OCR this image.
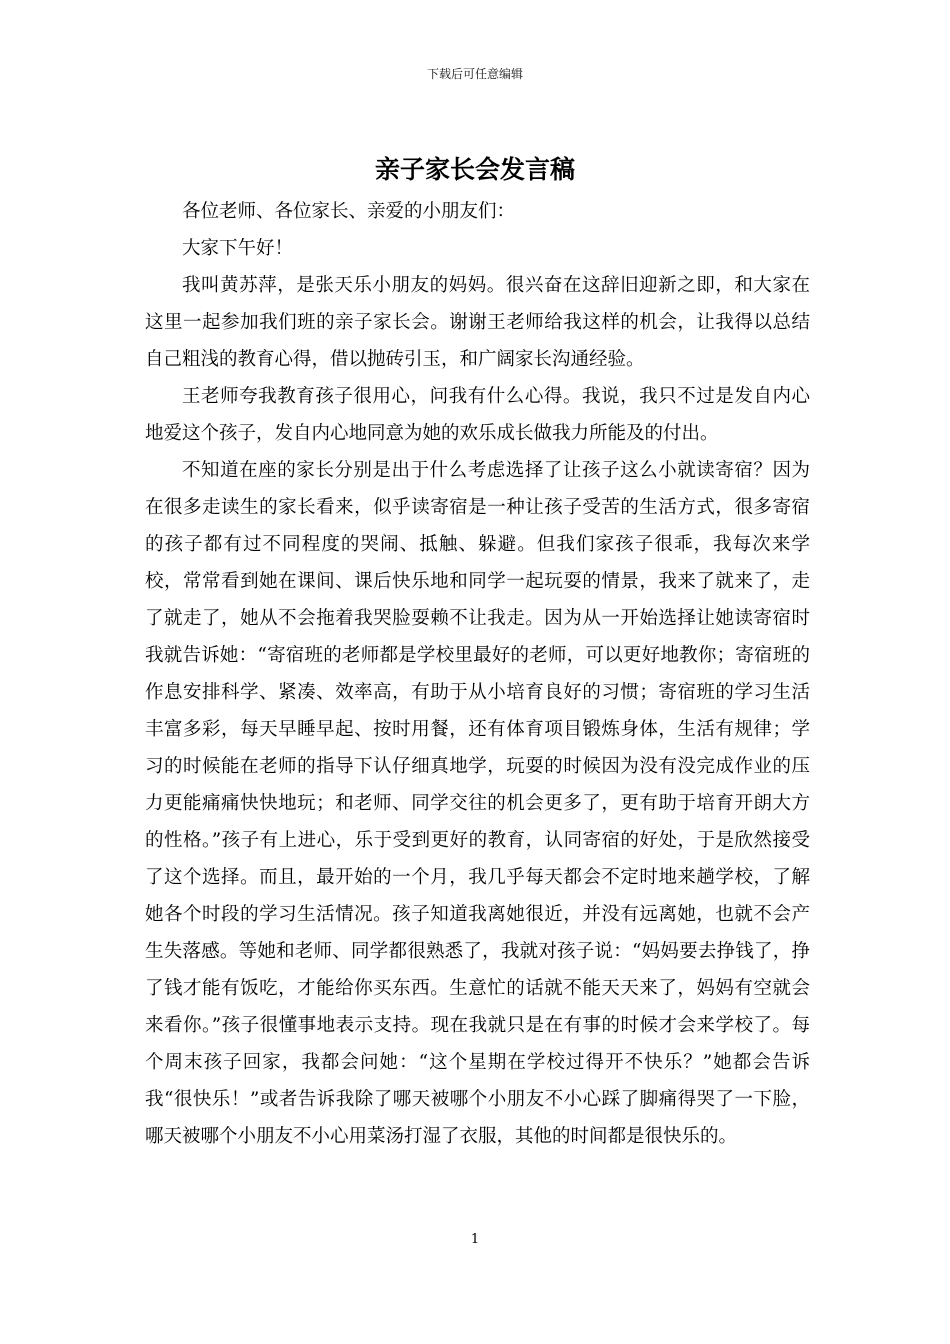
下载后可任意编辑
亲子家长会发言稿

各位老师、各位家长、亲爱的小朋友们：

大家下午好！

我叫黄苏萍，是张天乐小朋友的妈妈。很兴奋在这辞旧迎新之即，和大家在这里一起参加我们班的亲子家长会。谢谢王老师给我这样的机会，让我得以总结自己粗浅的教育心得，借以抛砖引玉，和广阔家长沟通经验。

王老师夸我教育孩子很用心，问我有什么心得。我说，我只不过是发自内心地爱这个孩子，发自内心地同意为她的欢乐成长做我力所能及的付出。

不知道在座的家长分别是出于什么考虑选择了让孩子这么小就读寄宿？因为在很多走读生的家长看来，似乎读寄宿是一种让孩子受苦的生活方式，很多寄宿的孩子都有过不同程度的哭闹、抵触、躲避。但我们家孩子很乖，我每次来学校，常常看到她在课间、课后快乐地和同学一起玩耍的情景，我来了就来了，走了就走了，她从不会拖着我哭脸耍赖不让我走。因为从一开始选择让她读寄宿时我就告诉她：“寄宿班的老师都是学校里最好的老师，可以更好地教你；寄宿班的作息安排科学、紧凑、效率高，有助于从小培育良好的习惯；寄宿班的学习生活丰富多彩，每天早睡早起、按时用餐，还有体育项目锻炼身体，生活有规律；学习的时候能在老师的指导下认仔细真地学，玩耍的时候因为没有没完成作业的压力更能痛痛快快地玩；和老师、同学交往的机会更多了，更有助于培育开朗大方的性格。”孩子有上进心，乐于受到更好的教育，认同寄宿的好处，于是欣然接受了这个选择。而且，最开始的一个月，我几乎每天都会不定时地来趟学校，了解她各个时段的学习生活情况。孩子知道我离她很近，并没有远离她，也就不会产生失落感。等她和老师、同学都很熟悉了，我就对孩子说：“妈妈要去挣钱了，挣了钱才能有饭吃，才能给你买东西。生意忙的话就不能天天来了，妈妈有空就会来看你。”孩子很懂事地表示支持。现在我就只是在有事的时候才会来学校了。每个周末孩子回家，我都会问她：“这个星期在学校过得开不快乐？”她都会告诉我“很快乐！”或者告诉我除了哪天被哪个小朋友不小心踩了脚痛得哭了一下脸，哪天被哪个小朋友不小心用菜汤打湿了衣服，其他的时间都是很快乐的。

1
